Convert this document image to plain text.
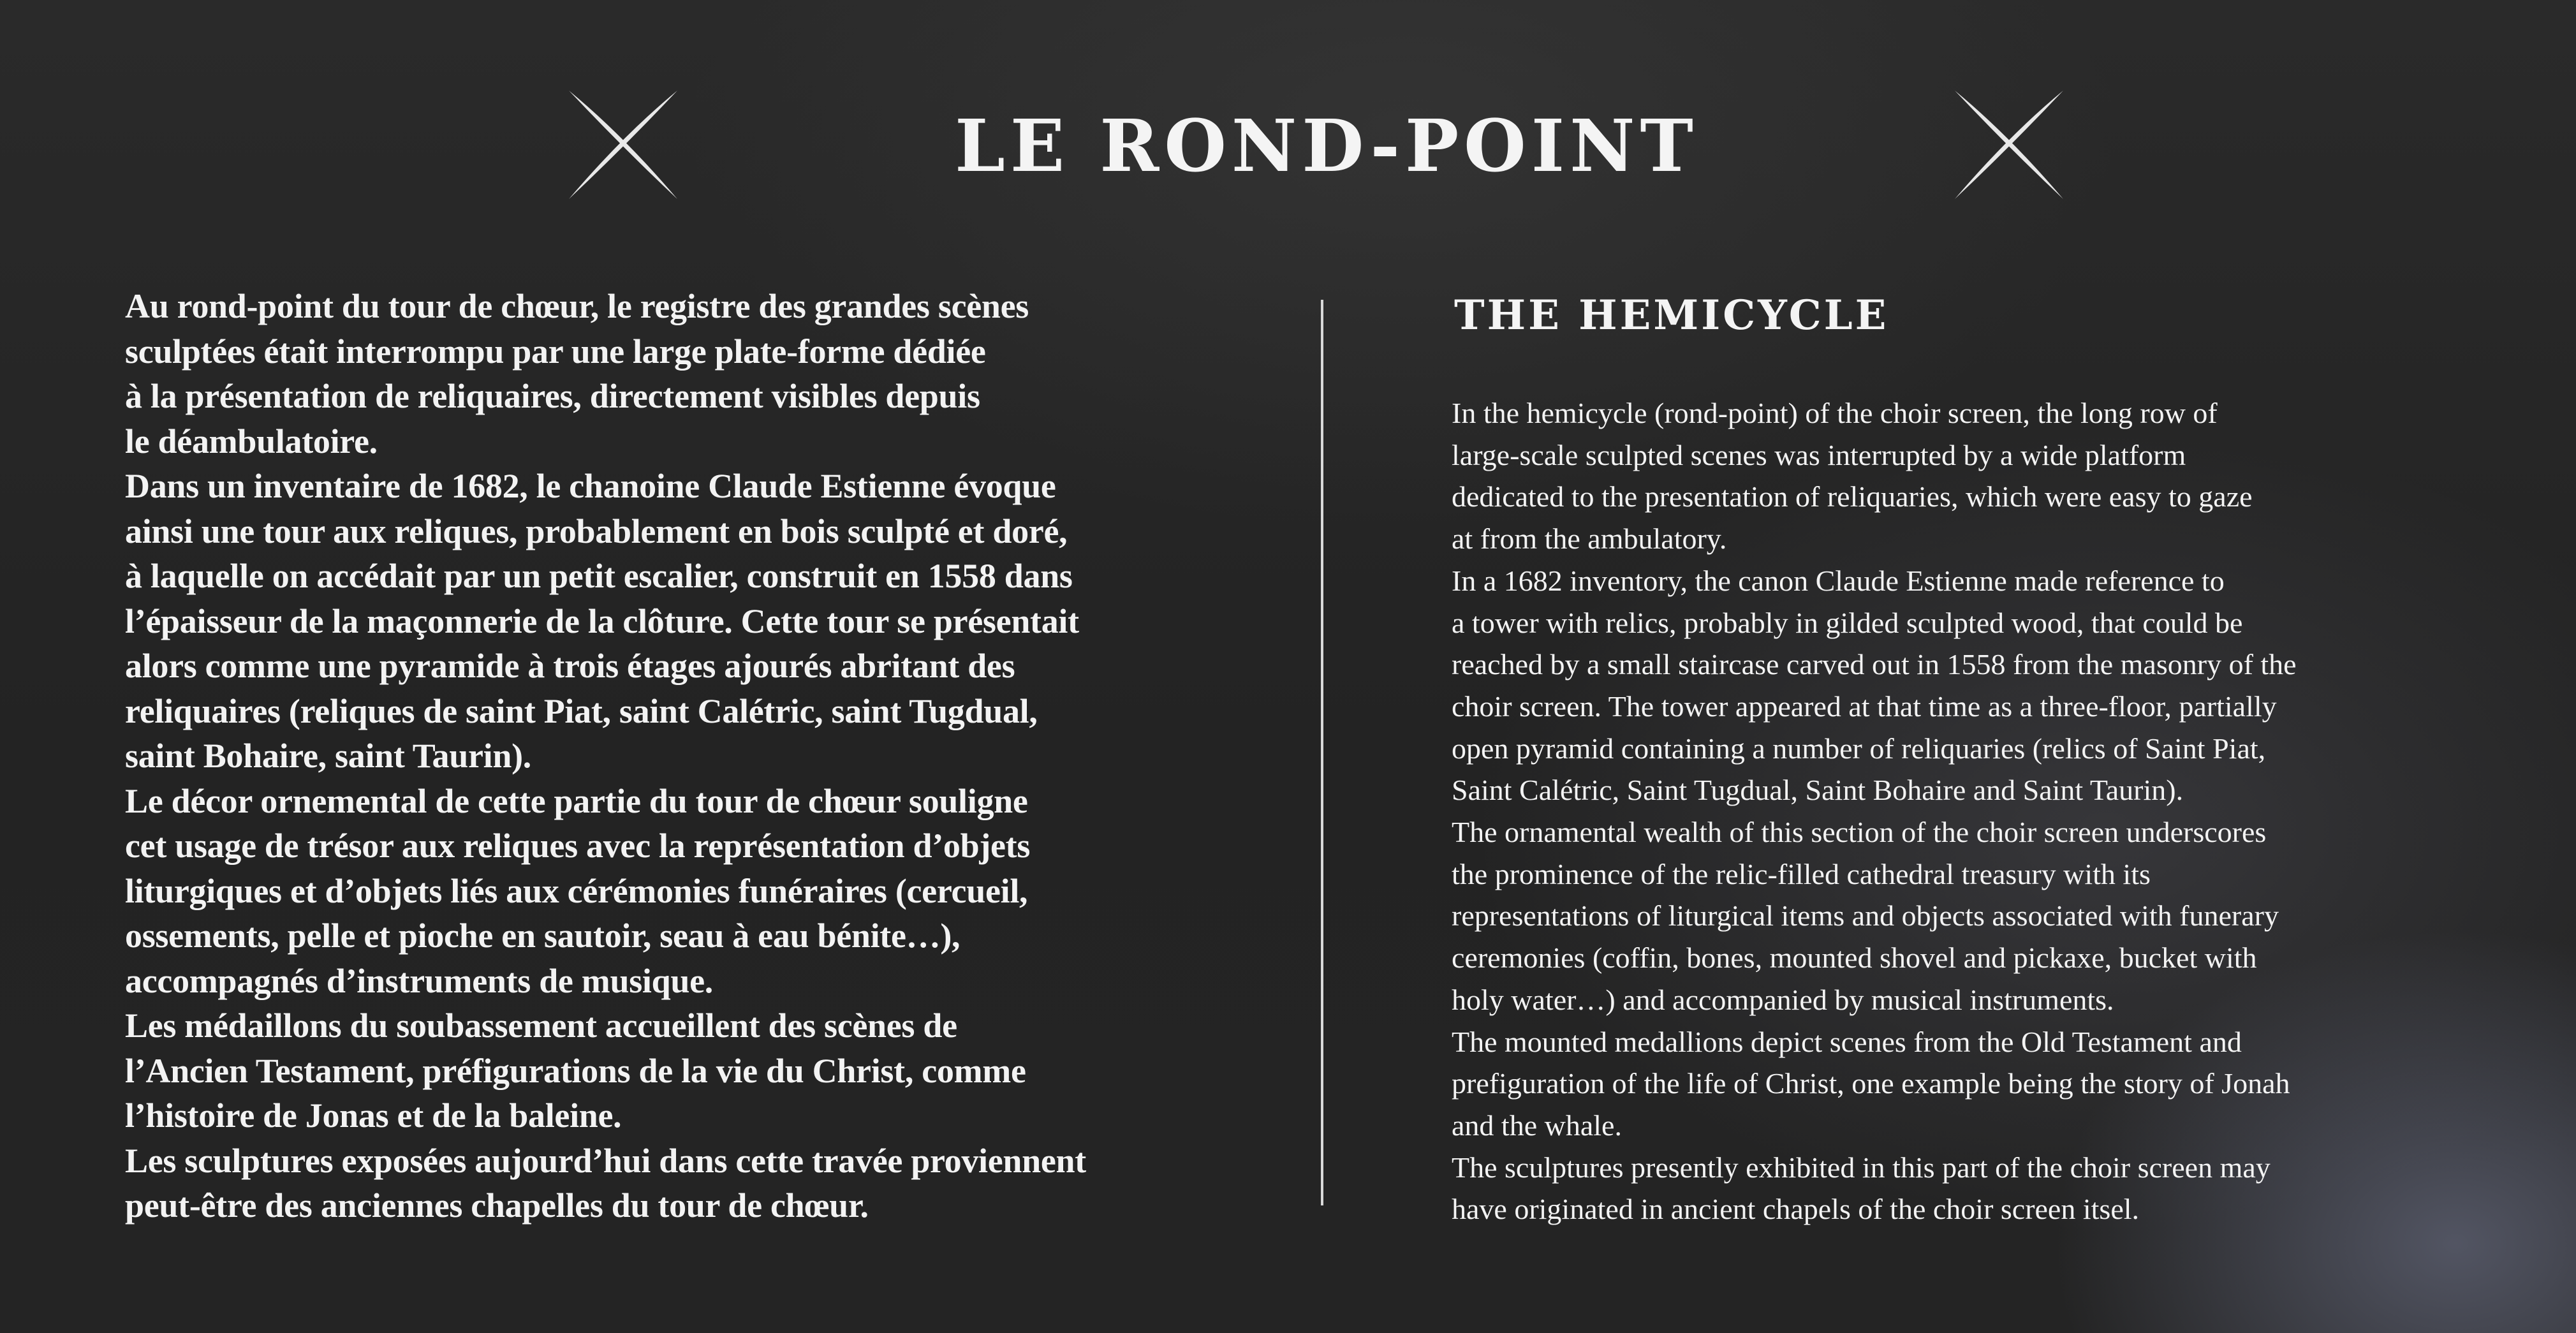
LE ROND-POINT
Au rond-point du tour de chœur, le registre des grandes scènes
sculptées était interrompu par une large plate-forme dédiée
à la présentation de reliquaires, directement visibles depuis
le déambulatoire.
Dans un inventaire de 1682, le chanoine Claude Estienne évoque
ainsi une tour aux reliques, probablement en bois sculpté et doré,
à laquelle on accédait par un petit escalier, construit en 1558 dans
l’épaisseur de la maçonnerie de la clôture. Cette tour se présentait
alors comme une pyramide à trois étages ajourés abritant des
reliquaires (reliques de saint Piat, saint Calétric, saint Tugdual,
saint Bohaire, saint Taurin).
Le décor ornemental de cette partie du tour de chœur souligne
cet usage de trésor aux reliques avec la représentation d’objets
liturgiques et d’objets liés aux cérémonies funéraires (cercueil,
ossements, pelle et pioche en sautoir, seau à eau bénite…),
accompagnés d’instruments de musique.
Les médaillons du soubassement accueillent des scènes de
l’Ancien Testament, préfigurations de la vie du Christ, comme
l’histoire de Jonas et de la baleine.
Les sculptures exposées aujourd’hui dans cette travée proviennent
peut-être des anciennes chapelles du tour de chœur.
THE HEMICYCLE
In the hemicycle (rond-point) of the choir screen, the long row of
large-scale sculpted scenes was interrupted by a wide platform
dedicated to the presentation of reliquaries, which were easy to gaze
at from the ambulatory.
In a 1682 inventory, the canon Claude Estienne made reference to
a tower with relics, probably in gilded sculpted wood, that could be
reached by a small staircase carved out in 1558 from the masonry of the
choir screen. The tower appeared at that time as a three-floor, partially
open pyramid containing a number of reliquaries (relics of Saint Piat,
Saint Calétric, Saint Tugdual, Saint Bohaire and Saint Taurin).
The ornamental wealth of this section of the choir screen underscores
the prominence of the relic-filled cathedral treasury with its
representations of liturgical items and objects associated with funerary
ceremonies (coffin, bones, mounted shovel and pickaxe, bucket with
holy water…) and accompanied by musical instruments.
The mounted medallions depict scenes from the Old Testament and
prefiguration of the life of Christ, one example being the story of Jonah
and the whale.
The sculptures presently exhibited in this part of the choir screen may
have originated in ancient chapels of the choir screen itsel.
